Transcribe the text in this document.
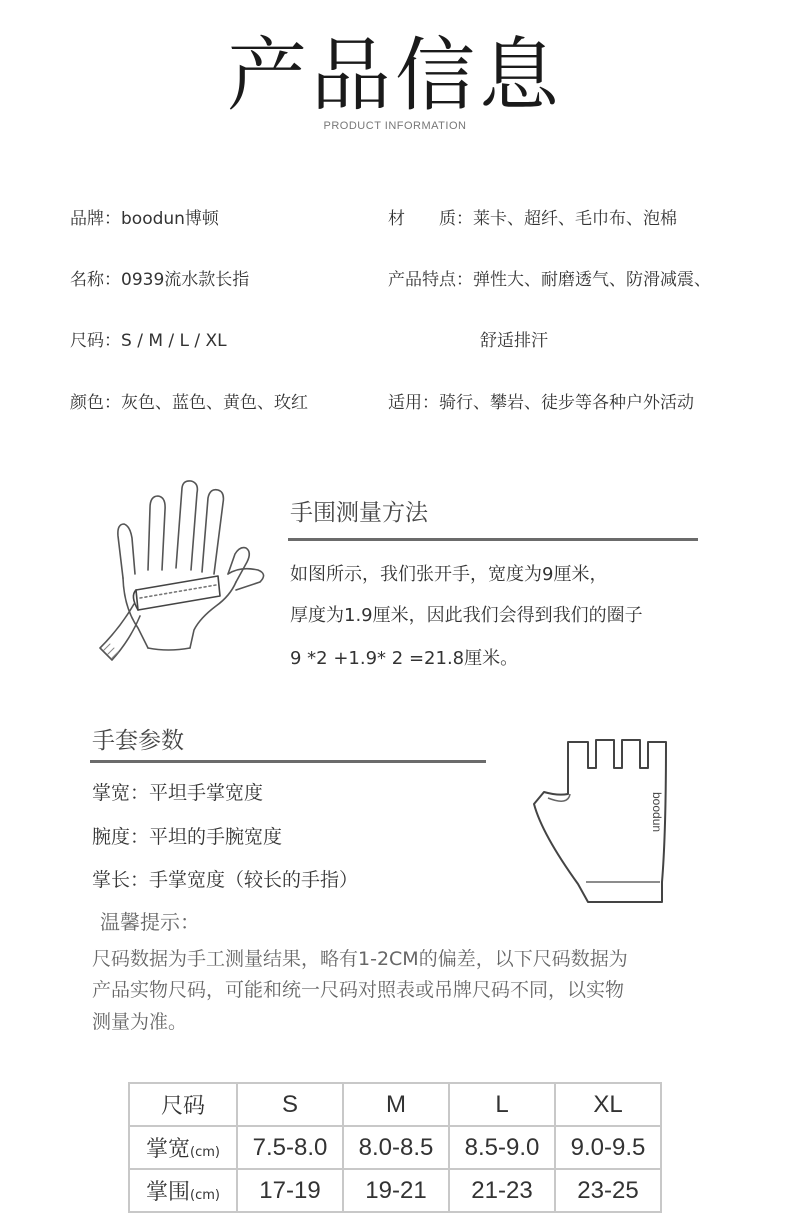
产品信息
PRODUCT INFORMATION
品牌：boodun博顿
名称：0939流水款长指
尺码：S / M / L / XL
颜色：灰色、蓝色、黄色、玫红
材　　质：莱卡、超纤、毛巾布、泡棉
产品特点：弹性大、耐磨透气、防滑减震、
舒适排汗
适用：骑行、攀岩、徒步等各种户外活动
手围测量方法
如图所示，我们张开手，宽度为9厘米，
厚度为1.9厘米，因此我们会得到我们的圈子
9 *2 +1.9* 2 =21.8厘米。
手套参数
掌宽：平坦手掌宽度
腕度：平坦的手腕宽度
掌长：手掌宽度（较长的手指）
boodun
温馨提示：
尺码数据为手工测量结果，略有1-2CM的偏差，以下尺码数据为
产品实物尺码，可能和统一尺码对照表或吊牌尺码不同，以实物
测量为准。
尺码	S	M	L	XL
掌宽(cm)	7.5-8.0	8.0-8.5	8.5-9.0	9.0-9.5
掌围(cm)	17-19	19-21	21-23	23-25
